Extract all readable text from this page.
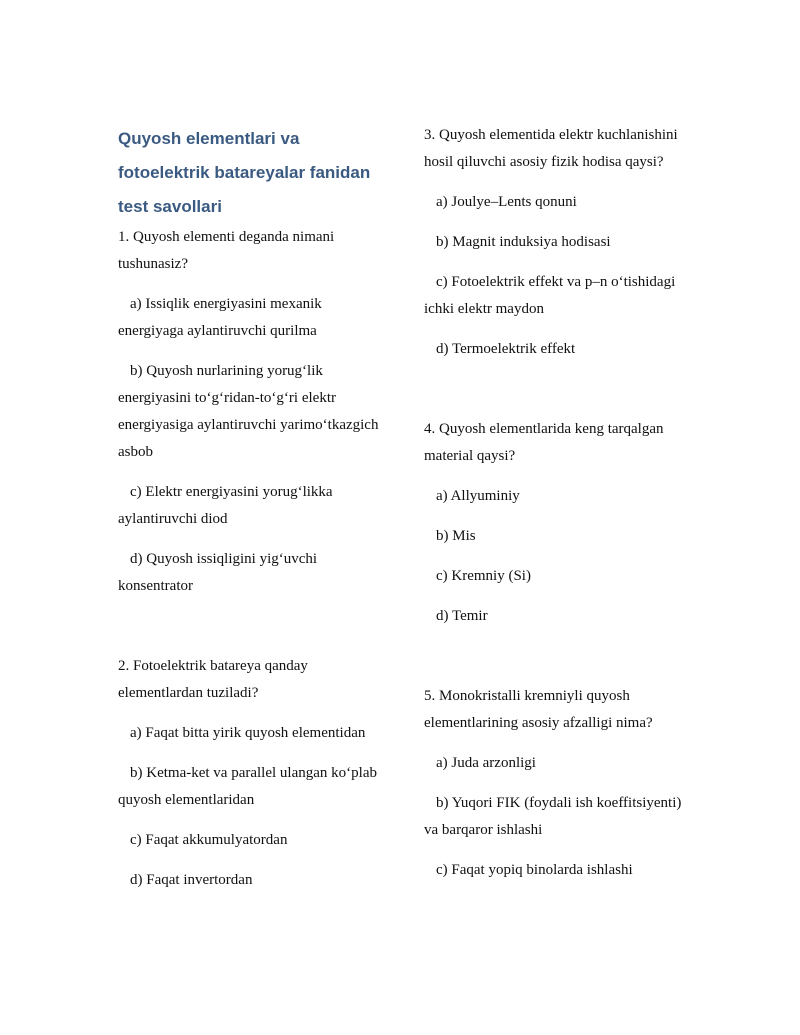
Quyosh elementlari va fotoelektrik batareyalar fanidan test savollari

1. Quyosh elementi deganda nimani tushunasiz?

a) Issiqlik energiyasini mexanik energiyaga aylantiruvchi qurilma

b) Quyosh nurlarining yorug‘lik energiyasini to‘g‘ridan-to‘g‘ri elektr energiyasiga aylantiruvchi yarimo‘tkazgich asbob

c) Elektr energiyasini yorug‘likka aylantiruvchi diod

d) Quyosh issiqligini yig‘uvchi konsentrator

2. Fotoelektrik batareya qanday elementlardan tuziladi?

a) Faqat bitta yirik quyosh elementidan

b) Ketma-ket va parallel ulangan ko‘plab quyosh elementlaridan

c) Faqat akkumulyatordan

d) Faqat invertordan

3. Quyosh elementida elektr kuchlanishini hosil qiluvchi asosiy fizik hodisa qaysi?

a) Joulye–Lents qonuni

b) Magnit induksiya hodisasi

c) Fotoelektrik effekt va p–n o‘tishidagi ichki elektr maydon

d) Termoelektrik effekt

4. Quyosh elementlarida keng tarqalgan material qaysi?

a) Allyuminiy

b) Mis

c) Kremniy (Si)

d) Temir

5. Monokristalli kremniyli quyosh elementlarining asosiy afzalligi nima?

a) Juda arzonligi

b) Yuqori FIK (foydali ish koeffitsiyenti) va barqaror ishlashi

c) Faqat yopiq binolarda ishlashi
